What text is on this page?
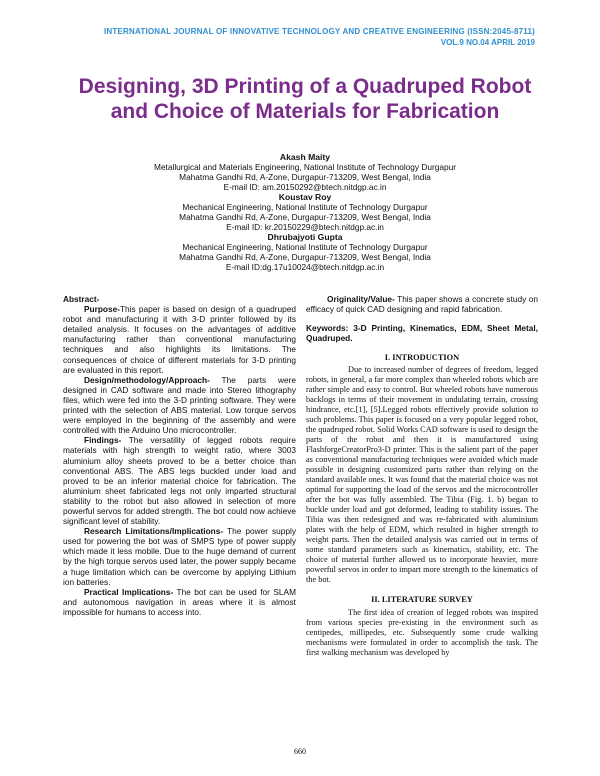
INTERNATIONAL JOURNAL OF INNOVATIVE TECHNOLOGY AND CREATIVE ENGINEERING (ISSN:2045-8711)
VOL.9 NO.04 APRIL 2019
Designing, 3D Printing of a Quadruped Robot and Choice of Materials for Fabrication
Akash Maity
Metallurgical and Materials Engineering, National Institute of Technology Durgapur
Mahatma Gandhi Rd, A-Zone, Durgapur-713209, West Bengal, India
E-mail ID: am.20150292@btech.nitdgp.ac.in
Koustav Roy
Mechanical Engineering, National Institute of Technology Durgapur
Mahatma Gandhi Rd, A-Zone, Durgapur-713209, West Bengal, India
E-mail ID: kr.20150229@btech.nitdgp.ac.in
Dhrubajyoti Gupta
Mechanical Engineering, National Institute of Technology Durgapur
Mahatma Gandhi Rd, A-Zone, Durgapur-713209, West Bengal, India
E-mail ID:dg.17u10024@btech.nitdgp.ac.in

Abstract-

Purpose-This paper is based on design of a quadruped robot and manufacturing it with 3-D printer followed by its detailed analysis. It focuses on the advantages of additive manufacturing rather than conventional manufacturing techniques and also highlights its limitations. The consequences of choice of different materials for 3-D printing are evaluated in this report.

Design/methodology/Approach- The parts were designed in CAD software and made into Stereo lithography files, which were fed into the 3-D printing software. They were printed with the selection of ABS material. Low torque servos were employed in the beginning of the assembly and were controlled with the Arduino Uno microcontroller.

Findings- The versatility of legged robots require materials with high strength to weight ratio, where 3003 aluminium alloy sheets proved to be a better choice than conventional ABS. The ABS legs buckled under load and proved to be an inferior material choice for fabrication. The aluminium sheet fabricated legs not only imparted structural stability to the robot but also allowed in selection of more powerful servos for added strength. The bot could now achieve significant level of stability.

Research Limitations/Implications- The power supply used for powering the bot was of SMPS type of power supply which made it less mobile. Due to the huge demand of current by the high torque servos used later, the power supply became a huge limitation which can be overcome by applying Lithium ion batteries.

Practical Implications- The bot can be used for SLAM and autonomous navigation in areas where it is almost impossible for humans to access into.

Originality/Value- This paper shows a concrete study on efficacy of quick CAD designing and rapid fabrication.

Keywords: 3-D Printing, Kinematics, EDM, Sheet Metal, Quadruped.

I. INTRODUCTION

Due to increased number of degrees of freedom, legged robots, in general, a far more complex than wheeled robots which are rather simple and easy to control. But wheeled robots have numerous backlogs in terms of their movement in undulating terrain, crossing hindrance, etc.[1], [5].Legged robots effectively provide solution to such problems. This paper is focused on a very popular legged robot, the quadruped robot. Solid Works CAD software is used to design the parts of the robot and then it is manufactured using FlashforgeCreatorPro3-D printer. This is the salient part of the paper as conventional manufacturing techniques were avoided which made possible in designing customized parts rather than relying on the standard available ones. It was found that the material choice was not optimal for supporting the load of the servos and the microcontroller after the bot was fully assembled. The Tibia (Fig. 1. b) began to buckle under load and got deformed, leading to stability issues. The Tibia was then redesigned and was re-fabricated with aluminium plates with the help of EDM, which resulted in higher strength to weight parts. Then the detailed analysis was carried out in terms of some standard parameters such as kinematics, stability, etc. The choice of material further allowed us to incorporate heavier, more powerful servos in order to impart more strength to the kinematics of the bot.

II. LITERATURE SURVEY

The first idea of creation of legged robots was inspired from various species pre-existing in the environment such as centipedes, millipedes, etc. Subsequently some crude walking mechanisms were formulated in order to accomplish the task. The first walking mechanism was developed by

660
